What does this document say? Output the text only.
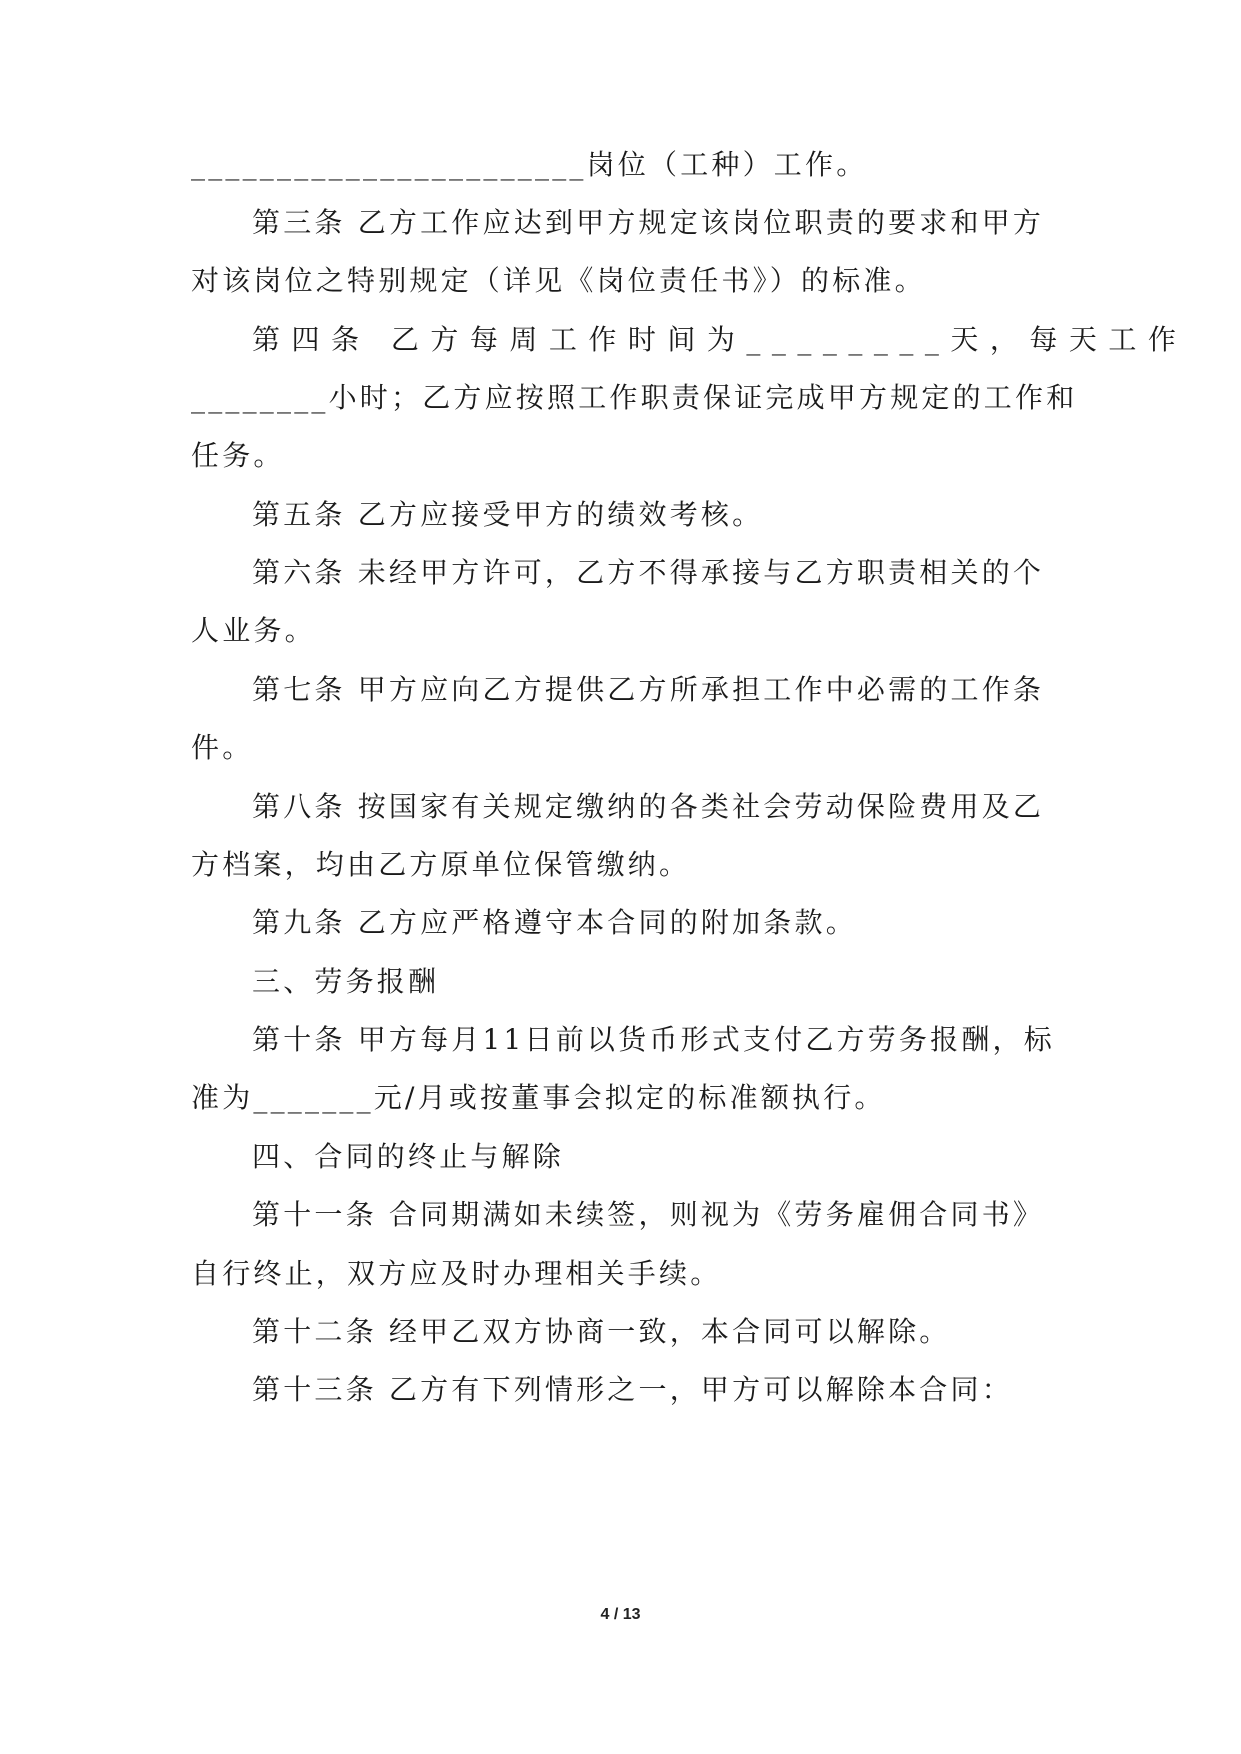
_______________________岗位（工种）工作。
第三条 乙方工作应达到甲方规定该岗位职责的要求和甲方
对该岗位之特别规定（详见《岗位责任书》）的标准。
第四条 乙方每周工作时间为________天，每天工作
________小时；乙方应按照工作职责保证完成甲方规定的工作和
任务。
第五条 乙方应接受甲方的绩效考核。
第六条 未经甲方许可，乙方不得承接与乙方职责相关的个
人业务。
第七条 甲方应向乙方提供乙方所承担工作中必需的工作条
件。
第八条 按国家有关规定缴纳的各类社会劳动保险费用及乙
方档案，均由乙方原单位保管缴纳。
第九条 乙方应严格遵守本合同的附加条款。
三、劳务报酬
第十条 甲方每月11日前以货币形式支付乙方劳务报酬，标
准为_______元/月或按董事会拟定的标准额执行。
四、合同的终止与解除
第十一条 合同期满如未续签，则视为《劳务雇佣合同书》
自行终止，双方应及时办理相关手续。
第十二条 经甲乙双方协商一致，本合同可以解除。
第十三条 乙方有下列情形之一，甲方可以解除本合同：
4 / 13
